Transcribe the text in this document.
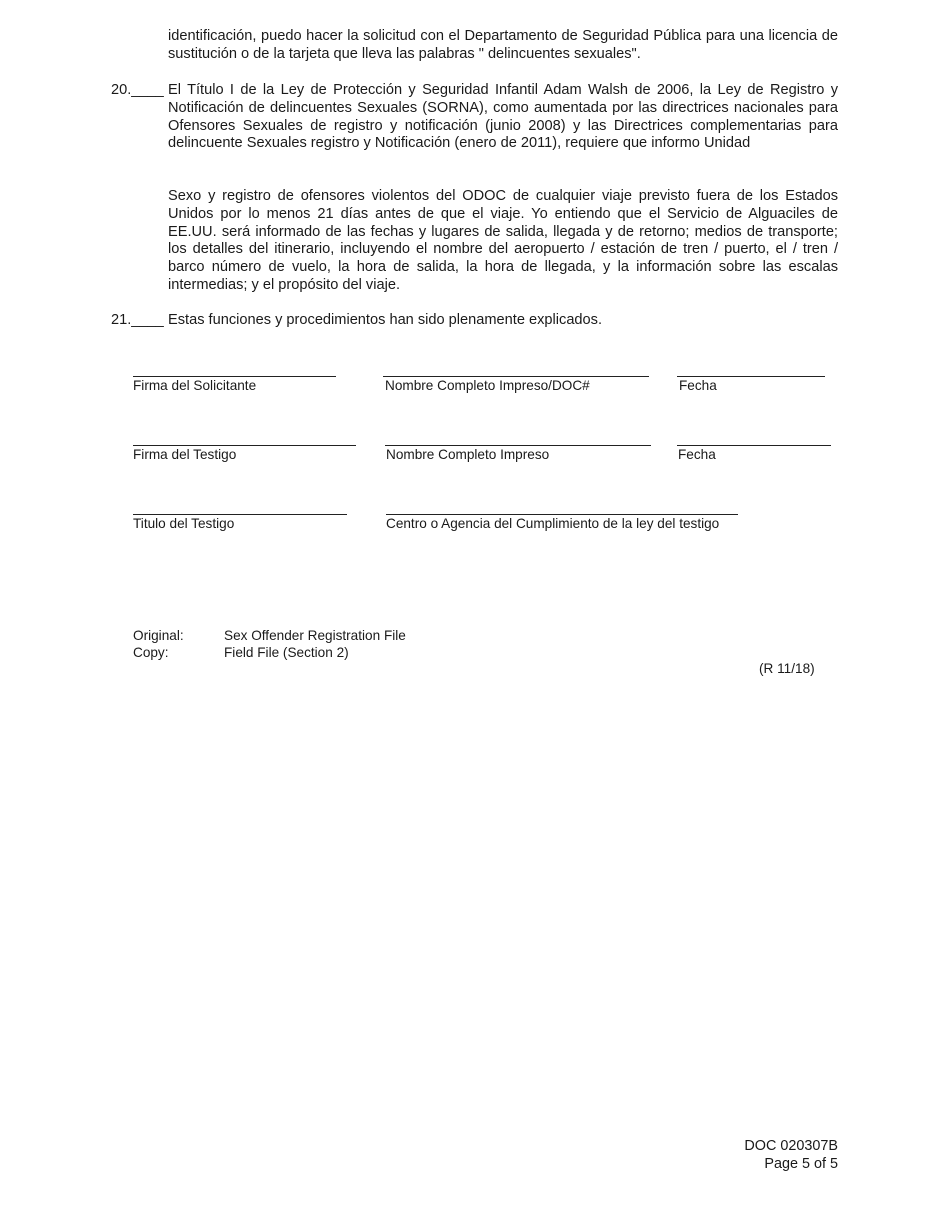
identificación, puedo hacer la solicitud con el Departamento de Seguridad Pública para una licencia de sustitución o de la tarjeta que lleva las palabras " delincuentes sexuales".
20.____ El Título I de la Ley de Protección y Seguridad Infantil Adam Walsh de 2006, la Ley de Registro y Notificación de delincuentes Sexuales (SORNA), como aumentada por las directrices nacionales para Ofensores Sexuales de registro y notificación (junio 2008) y las Directrices complementarias para delincuente Sexuales registro y Notificación (enero de 2011), requiere que informo Unidad
Sexo y registro de ofensores violentos del ODOC de cualquier viaje previsto fuera de los Estados Unidos por lo menos 21 días antes de que el viaje. Yo entiendo que el Servicio de Alguaciles de EE.UU. será informado de las fechas y lugares de salida, llegada y de retorno; medios de transporte; los detalles del itinerario, incluyendo el nombre del aeropuerto / estación de tren / puerto, el / tren / barco número de vuelo, la hora de salida, la hora de llegada, y la información sobre las escalas intermedias; y el propósito del viaje.
21.____ Estas funciones y procedimientos han sido plenamente explicados.
Firma del Solicitante	Nombre Completo Impreso/DOC#	Fecha
Firma del Testigo	Nombre Completo Impreso	Fecha
Titulo del Testigo	Centro o Agencia del Cumplimiento de la ley del testigo
Original:	Sex Offender Registration File
Copy:	Field File (Section 2)
(R 11/18)
DOC 020307B
Page 5 of 5
